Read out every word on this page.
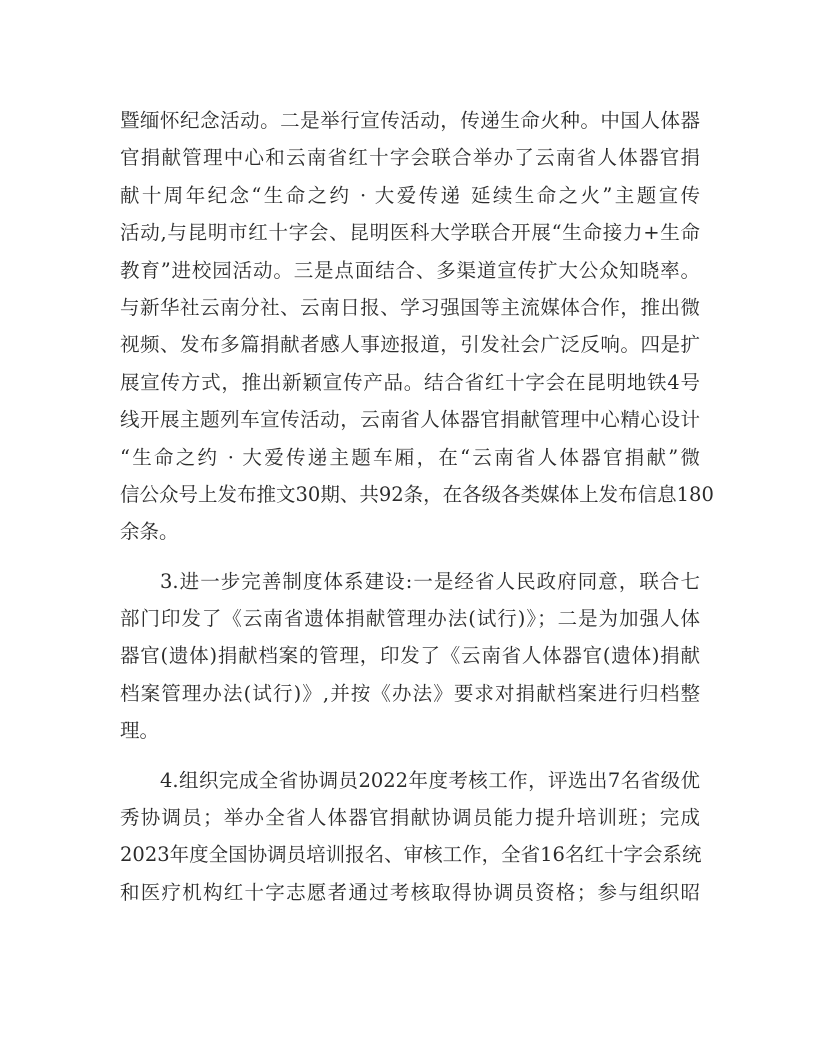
暨缅怀纪念活动。二是举行宣传活动，传递生命火种。中国人体器
官捐献管理中心和云南省红十字会联合举办了云南省人体器官捐
献十周年纪念“生命之约 · 大爱传递 延续生命之火”主题宣传
活动,与昆明市红十字会、昆明医科大学联合开展“生命接力+生命
教育”进校园活动。三是点面结合、多渠道宣传扩大公众知晓率。
与新华社云南分社、云南日报、学习强国等主流媒体合作，推出微
视频、发布多篇捐献者感人事迹报道，引发社会广泛反响。四是扩
展宣传方式，推出新颖宣传产品。结合省红十字会在昆明地铁4号
线开展主题列车宣传活动，云南省人体器官捐献管理中心精心设计
“生命之约 · 大爱传递主题车厢，在“云南省人体器官捐献”微
信公众号上发布推文30期、共92条，在各级各类媒体上发布信息180
余条。
3.进一步完善制度体系建设:一是经省人民政府同意，联合七
部门印发了《云南省遗体捐献管理办法(试行)》；二是为加强人体
器官(遗体)捐献档案的管理，印发了《云南省人体器官(遗体)捐献
档案管理办法(试行)》,并按《办法》要求对捐献档案进行归档整
理。
4.组织完成全省协调员2022年度考核工作，评选出7名省级优
秀协调员；举办全省人体器官捐献协调员能力提升培训班；完成
2023年度全国协调员培训报名、审核工作，全省16名红十字会系统
和医疗机构红十字志愿者通过考核取得协调员资格；参与组织昭
